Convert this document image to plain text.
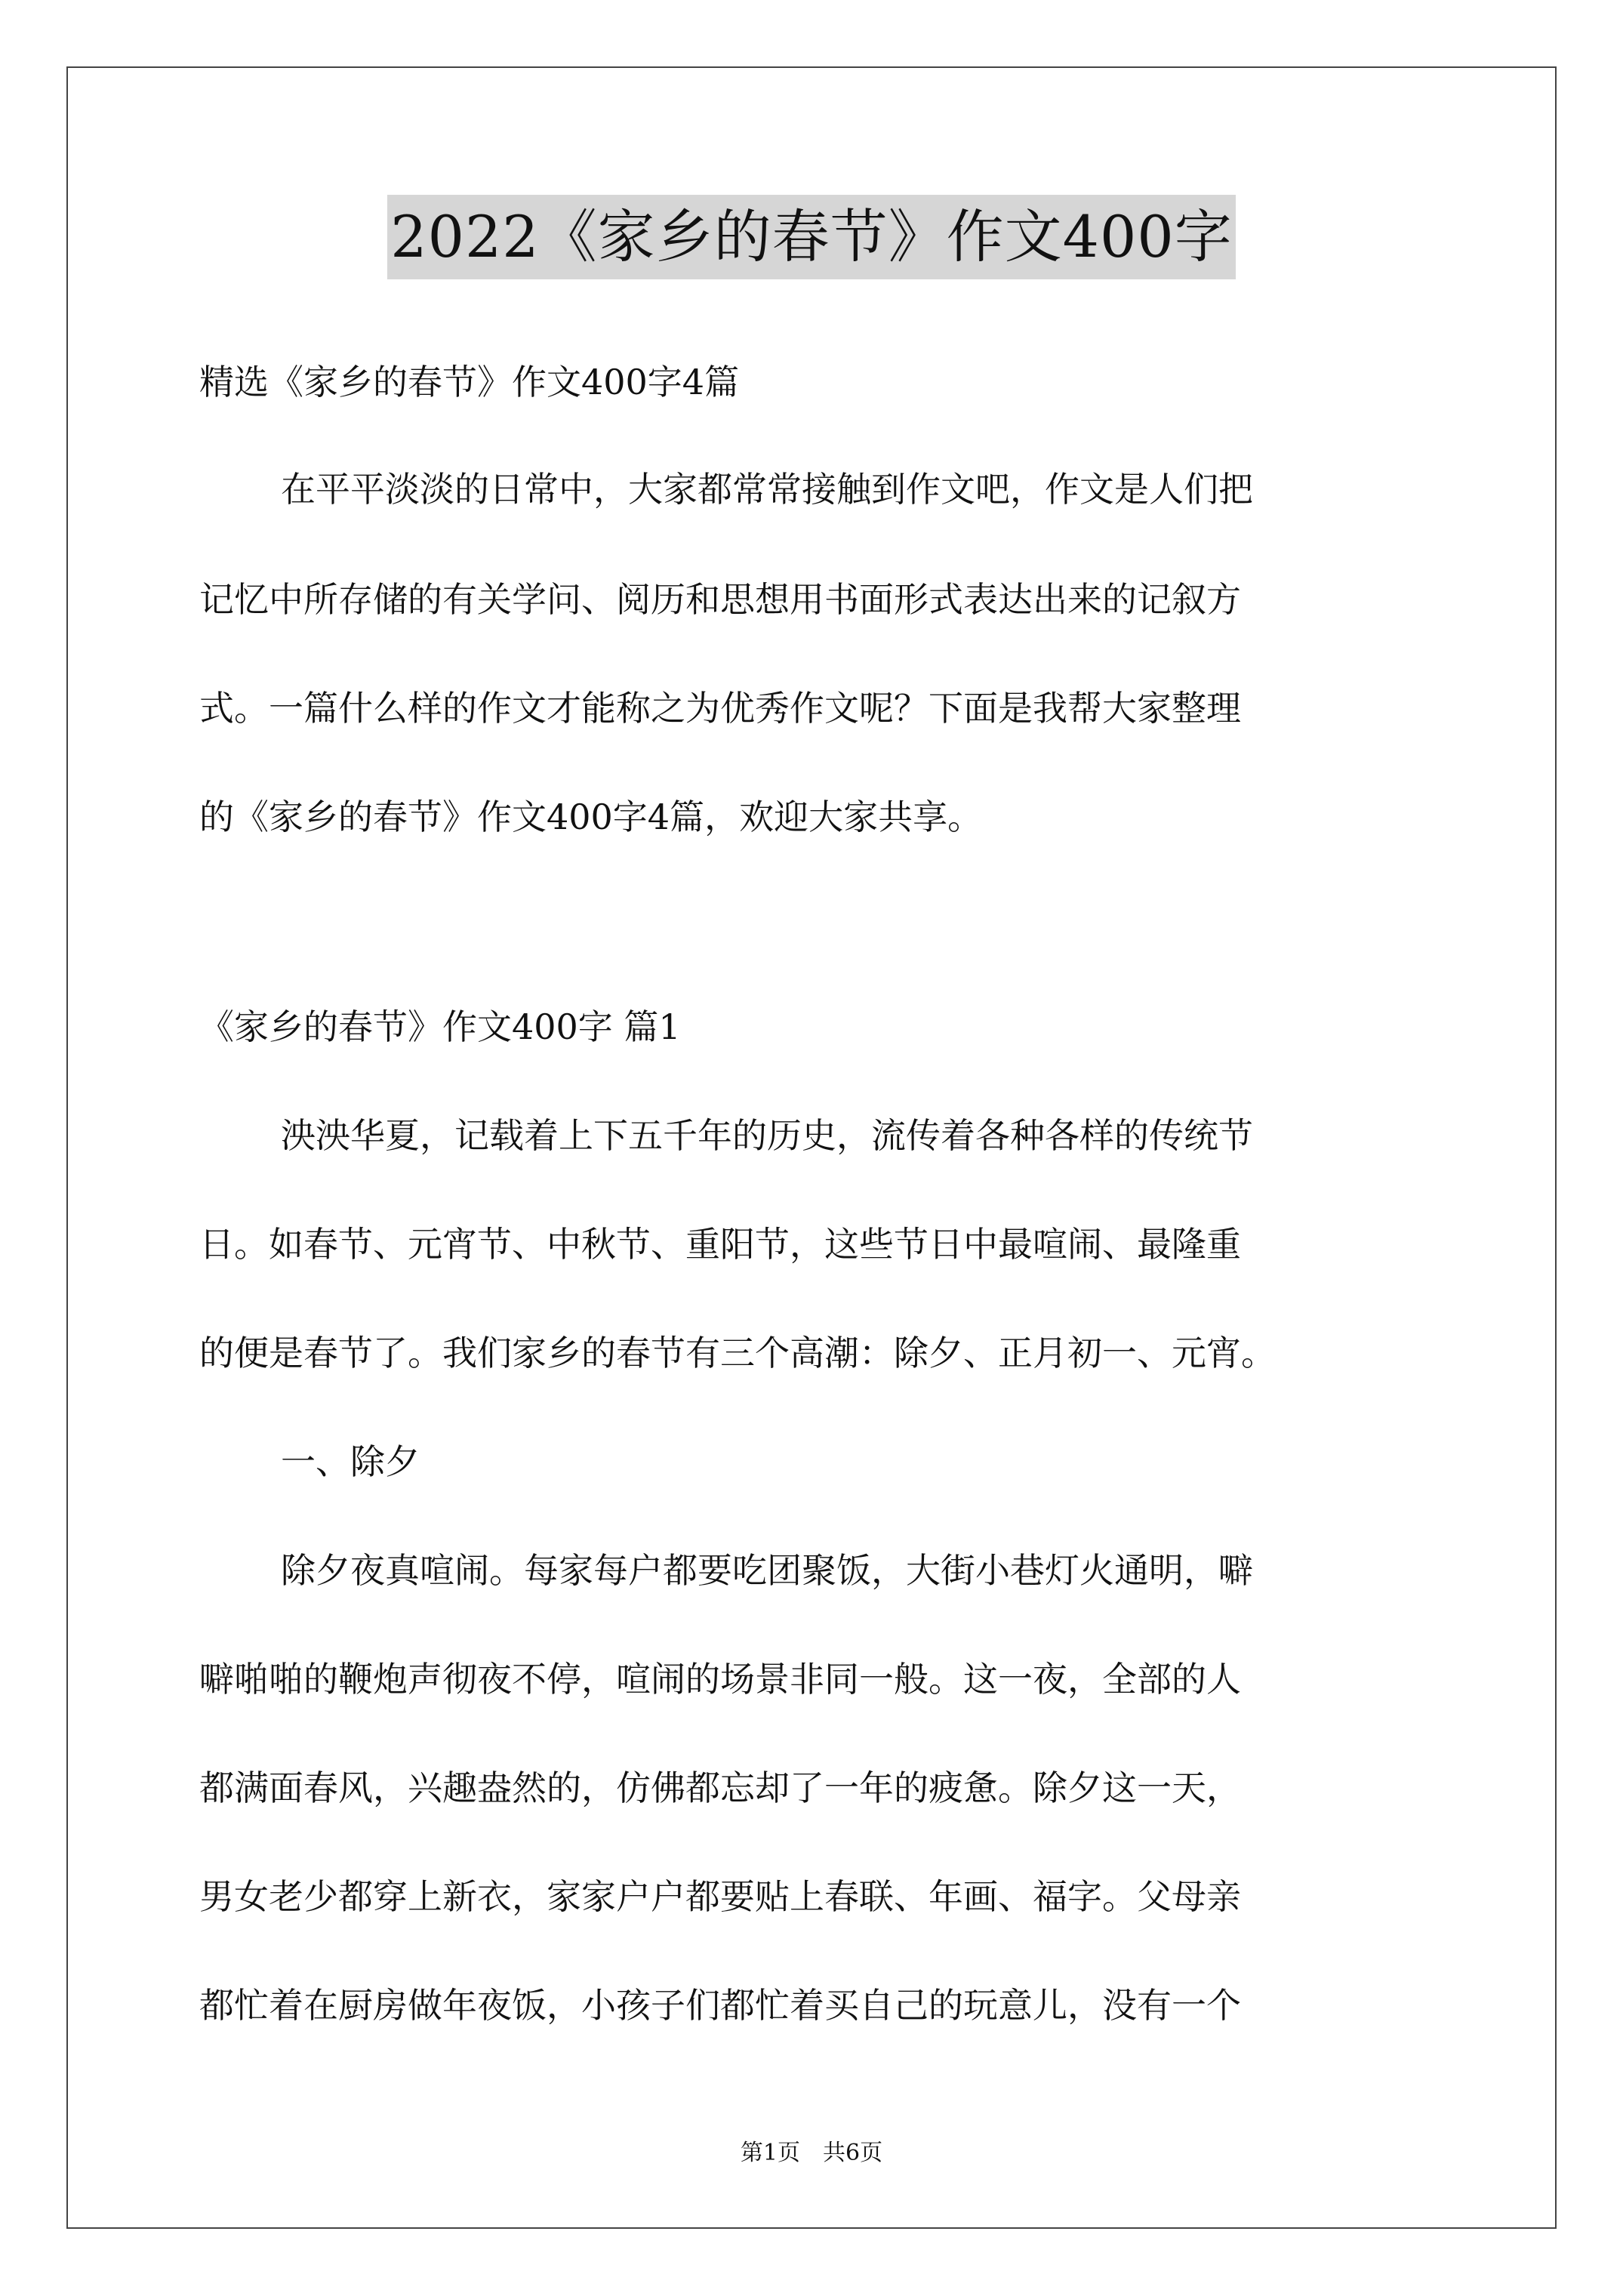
2022《家乡的春节》作文400字
精选《家乡的春节》作文400字4篇
在平平淡淡的日常中，大家都常常接触到作文吧，作文是人们把
记忆中所存储的有关学问、阅历和思想用书面形式表达出来的记叙方
式。一篇什么样的作文才能称之为优秀作文呢？下面是我帮大家整理
的《家乡的春节》作文400字4篇，欢迎大家共享。
《家乡的春节》作文400字 篇1
泱泱华夏，记载着上下五千年的历史，流传着各种各样的传统节
日。如春节、元宵节、中秋节、重阳节，这些节日中最喧闹、最隆重
的便是春节了。我们家乡的春节有三个高潮：除夕、正月初一、元宵。
一、除夕
除夕夜真喧闹。每家每户都要吃团聚饭，大街小巷灯火通明，噼
噼啪啪的鞭炮声彻夜不停，喧闹的场景非同一般。这一夜，全部的人
都满面春风，兴趣盎然的，仿佛都忘却了一年的疲惫。除夕这一天，
男女老少都穿上新衣，家家户户都要贴上春联、年画、福字。父母亲
都忙着在厨房做年夜饭，小孩子们都忙着买自己的玩意儿，没有一个
第1页　共6页
